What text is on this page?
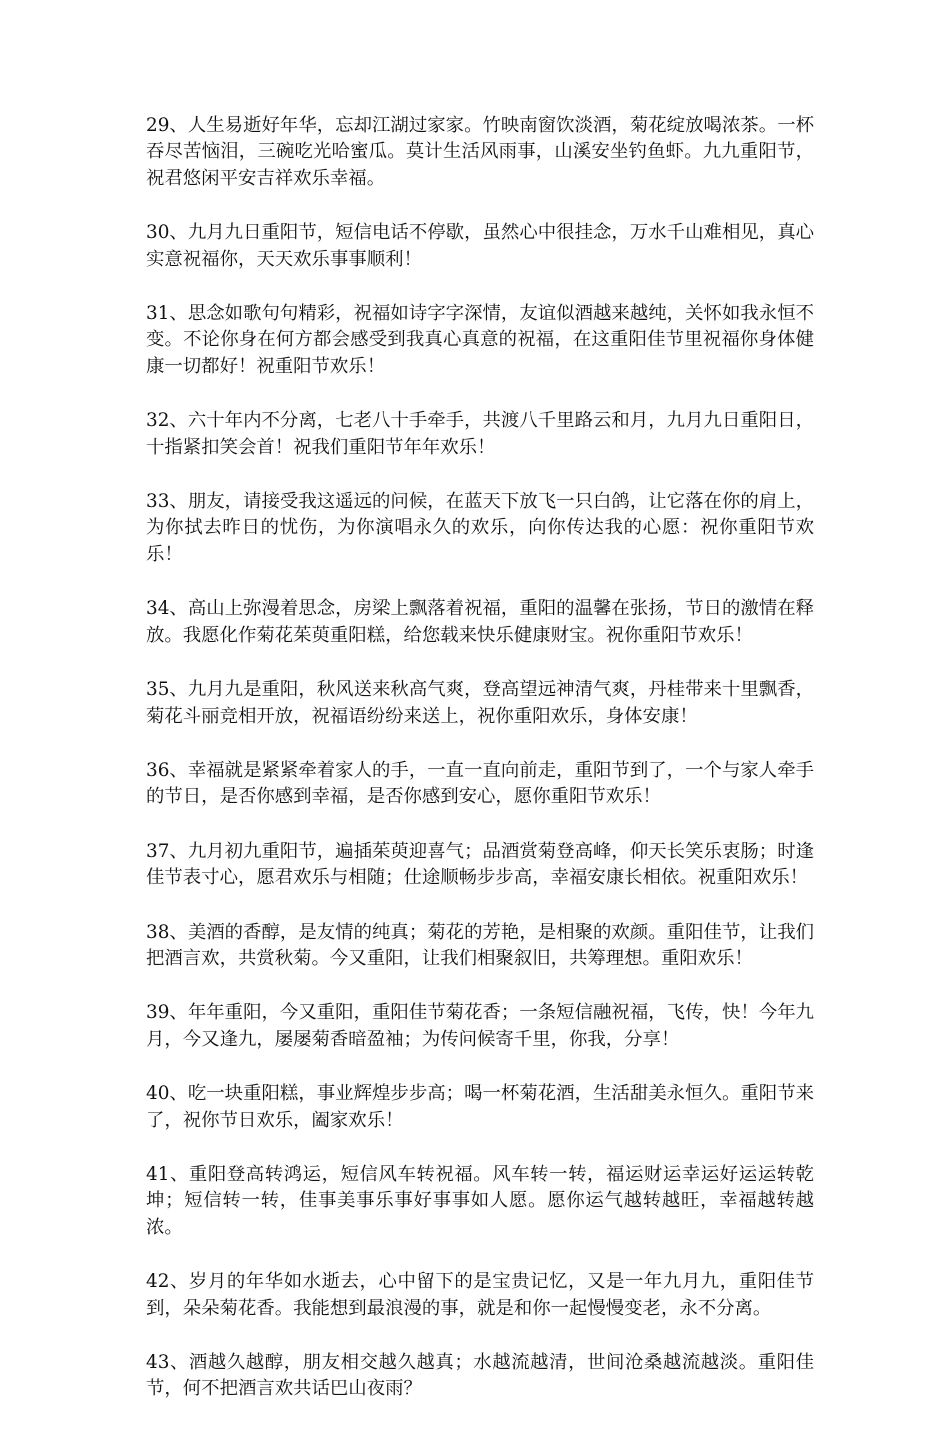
29、人生易逝好年华，忘却江湖过家家。竹映南窗饮淡酒，菊花绽放喝浓茶。一杯吞尽苦恼泪，三碗吃光哈蜜瓜。莫计生活风雨事，山溪安坐钓鱼虾。九九重阳节，祝君悠闲平安吉祥欢乐幸福。

30、九月九日重阳节，短信电话不停歇，虽然心中很挂念，万水千山难相见，真心实意祝福你，天天欢乐事事顺利！

31、思念如歌句句精彩，祝福如诗字字深情，友谊似酒越来越纯，关怀如我永恒不变。不论你身在何方都会感受到我真心真意的祝福，在这重阳佳节里祝福你身体健康一切都好！祝重阳节欢乐！

32、六十年内不分离，七老八十手牵手，共渡八千里路云和月，九月九日重阳日，十指紧扣笑会首！祝我们重阳节年年欢乐！

33、朋友，请接受我这遥远的问候，在蓝天下放飞一只白鸽，让它落在你的肩上，为你拭去昨日的忧伤，为你演唱永久的欢乐，向你传达我的心愿：祝你重阳节欢乐！

34、高山上弥漫着思念，房梁上飘落着祝福，重阳的温馨在张扬，节日的激情在释放。我愿化作菊花茱萸重阳糕，给您载来快乐健康财宝。祝你重阳节欢乐！

35、九月九是重阳，秋风送来秋高气爽，登高望远神清气爽，丹桂带来十里飘香，菊花斗丽竞相开放，祝福语纷纷来送上，祝你重阳欢乐，身体安康！

36、幸福就是紧紧牵着家人的手，一直一直向前走，重阳节到了，一个与家人牵手的节日，是否你感到幸福，是否你感到安心，愿你重阳节欢乐！

37、九月初九重阳节，遍插茱萸迎喜气；品酒赏菊登高峰，仰天长笑乐衷肠；时逢佳节表寸心，愿君欢乐与相随；仕途顺畅步步高，幸福安康长相依。祝重阳欢乐！

38、美酒的香醇，是友情的纯真；菊花的芳艳，是相聚的欢颜。重阳佳节，让我们把酒言欢，共赏秋菊。今又重阳，让我们相聚叙旧，共筹理想。重阳欢乐！

39、年年重阳，今又重阳，重阳佳节菊花香；一条短信融祝福，飞传，快！今年九月，今又逢九，屡屡菊香暗盈袖；为传问候寄千里，你我，分享！

40、吃一块重阳糕，事业辉煌步步高；喝一杯菊花酒，生活甜美永恒久。重阳节来了，祝你节日欢乐，阖家欢乐！

41、重阳登高转鸿运，短信风车转祝福。风车转一转，福运财运幸运好运运转乾坤；短信转一转，佳事美事乐事好事事如人愿。愿你运气越转越旺，幸福越转越浓。

42、岁月的年华如水逝去，心中留下的是宝贵记忆，又是一年九月九，重阳佳节到，朵朵菊花香。我能想到最浪漫的事，就是和你一起慢慢变老，永不分离。

43、酒越久越醇，朋友相交越久越真；水越流越清，世间沧桑越流越淡。重阳佳节，何不把酒言欢共话巴山夜雨？
